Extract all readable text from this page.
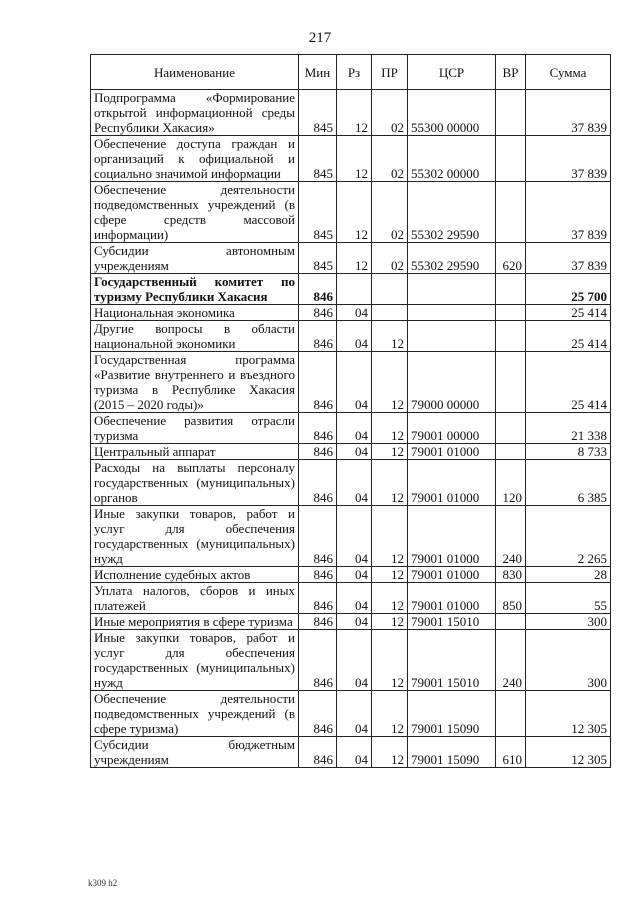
217
Наименование	Мин	Рз	ПР	ЦСР	ВР	Сумма
Подпрограмма «Формирование открытой информационной среды Республики Хакасия»	845	12	02	55300 00000		37 839
Обеспечение доступа граждан и организаций к официальной и социально значимой информации	845	12	02	55302 00000		37 839
Обеспечение деятельности подведомственных учреждений (в сфере средств массовой информации)	845	12	02	55302 29590		37 839
Субсидии автономным учреждениям	845	12	02	55302 29590	620	37 839
Государственный комитет по туризму Республики Хакасия	846					25 700
Национальная экономика	846	04				25 414
Другие вопросы в области национальной экономики	846	04	12			25 414
Государственная программа «Развитие внутреннего и въездного туризма в Республике Хакасия (2015 – 2020 годы)»	846	04	12	79000 00000		25 414
Обеспечение развития отрасли туризма	846	04	12	79001 00000		21 338
Центральный аппарат	846	04	12	79001 01000		8 733
Расходы на выплаты персоналу государственных (муниципальных) органов	846	04	12	79001 01000	120	6 385
Иные закупки товаров, работ и услуг для обеспечения государственных (муниципальных) нужд	846	04	12	79001 01000	240	2 265
Исполнение судебных актов	846	04	12	79001 01000	830	28
Уплата налогов, сборов и иных платежей	846	04	12	79001 01000	850	55
Иные мероприятия в сфере туризма	846	04	12	79001 15010		300
Иные закупки товаров, работ и услуг для обеспечения государственных (муниципальных) нужд	846	04	12	79001 15010	240	300
Обеспечение деятельности подведомственных учреждений (в сфере туризма)	846	04	12	79001 15090		12 305
Субсидии бюджетным учреждениям	846	04	12	79001 15090	610	12 305
k309 h2
